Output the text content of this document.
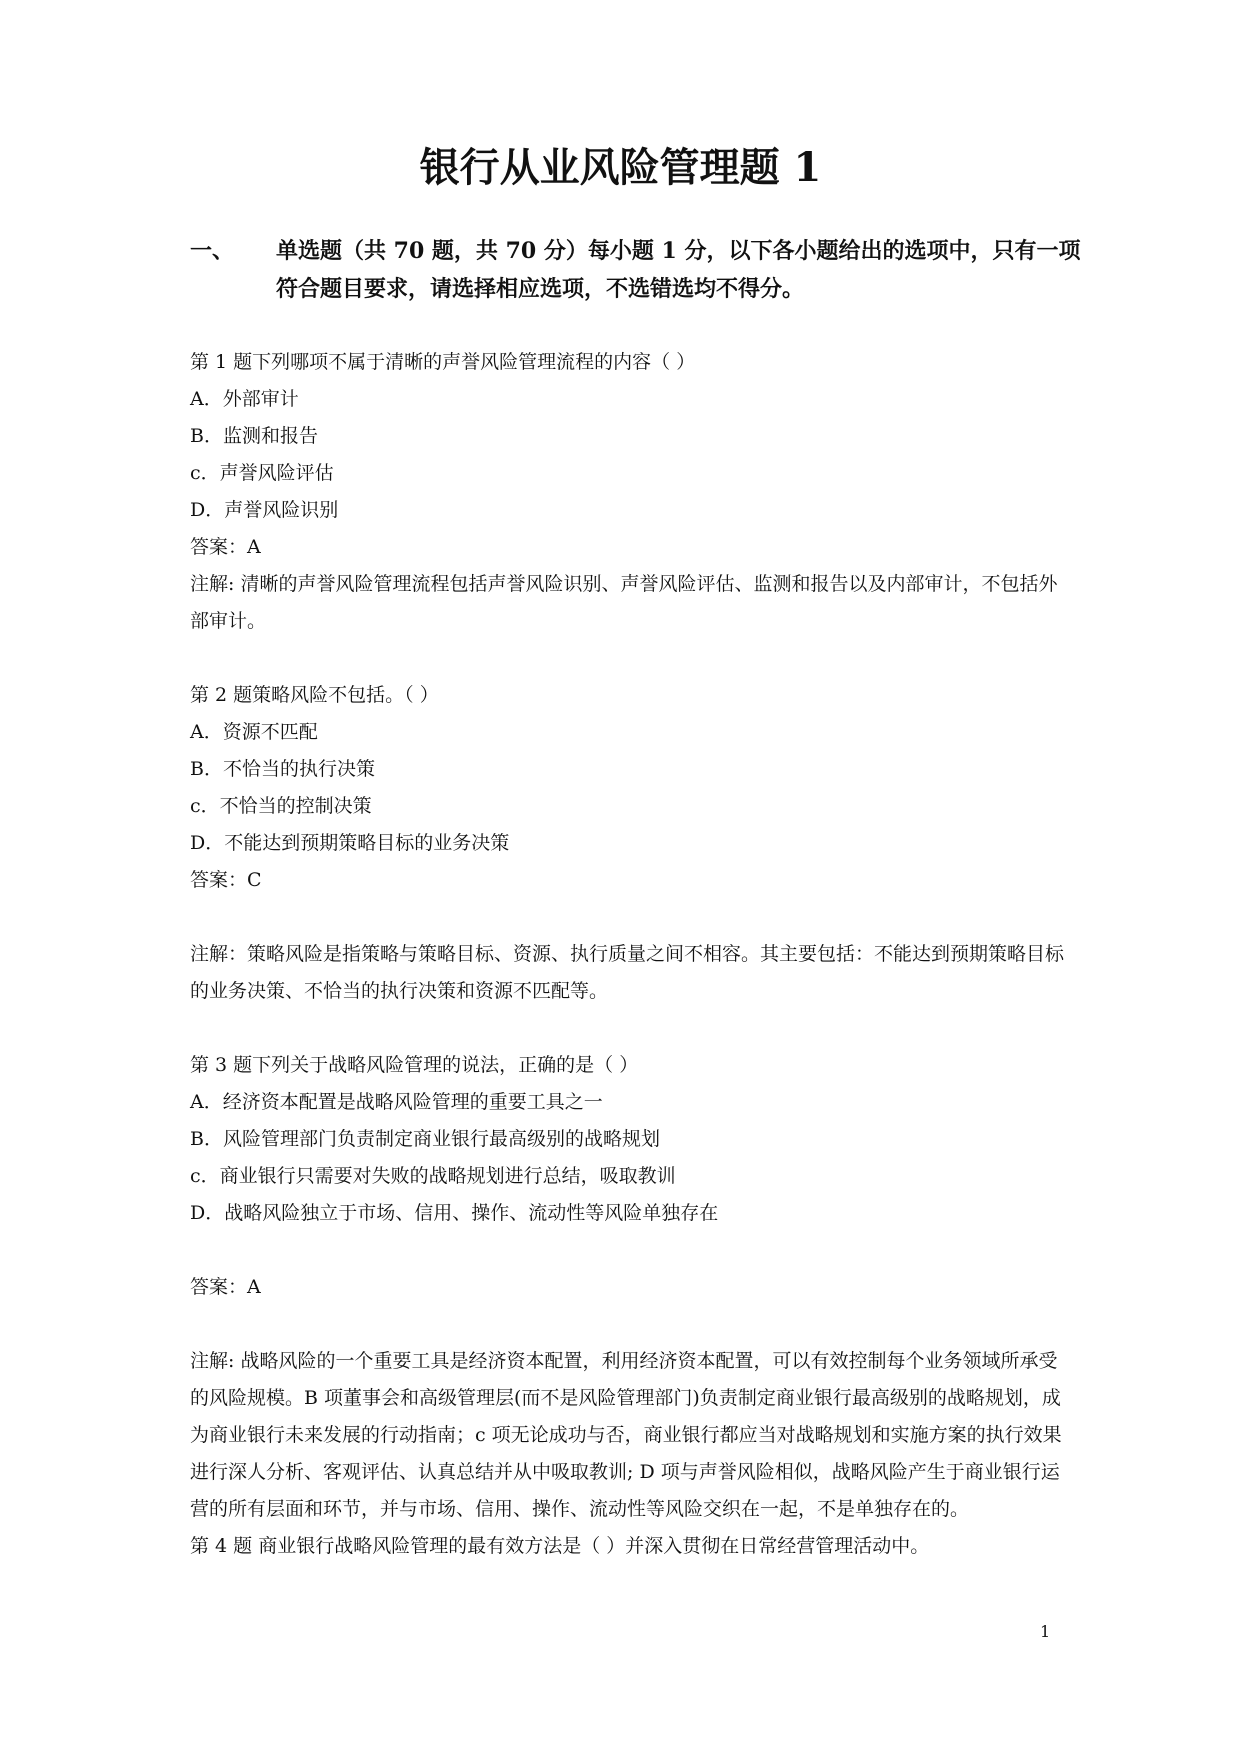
银行从业风险管理题 1
一、 单选题（共 70 题，共 70 分）每小题 1 分，以下各小题给出的选项中，只有一项符合题目要求，请选择相应选项，不选错选均不得分。
第 1 题下列哪项不属于清晰的声誉风险管理流程的内容（ ）
A．外部审计
B．监测和报告
c．声誉风险评估
D．声誉风险识别
答案：A
注解: 清晰的声誉风险管理流程包括声誉风险识别、声誉风险评估、监测和报告以及内部审计，不包括外部审计。
第 2 题策略风险不包括。（ ）
A．资源不匹配
B．不恰当的执行决策
c．不恰当的控制决策
D．不能达到预期策略目标的业务决策
答案：C
注解：策略风险是指策略与策略目标、资源、执行质量之间不相容。其主要包括：不能达到预期策略目标的业务决策、不恰当的执行决策和资源不匹配等。
第 3 题下列关于战略风险管理的说法，正确的是（ ）
A．经济资本配置是战略风险管理的重要工具之一
B．风险管理部门负责制定商业银行最高级别的战略规划
c．商业银行只需要对失败的战略规划进行总结，吸取教训
D．战略风险独立于市场、信用、操作、流动性等风险单独存在
答案：A
注解: 战略风险的一个重要工具是经济资本配置，利用经济资本配置，可以有效控制每个业务领域所承受的风险规模。B 项董事会和高级管理层(而不是风险管理部门)负责制定商业银行最高级别的战略规划，成为商业银行未来发展的行动指南；c 项无论成功与否，商业银行都应当对战略规划和实施方案的执行效果进行深人分析、客观评估、认真总结并从中吸取教训; D 项与声誉风险相似，战略风险产生于商业银行运营的所有层面和环节，并与市场、信用、操作、流动性等风险交织在一起，不是单独存在的。
第 4 题 商业银行战略风险管理的最有效方法是（ ）并深入贯彻在日常经营管理活动中。
1
